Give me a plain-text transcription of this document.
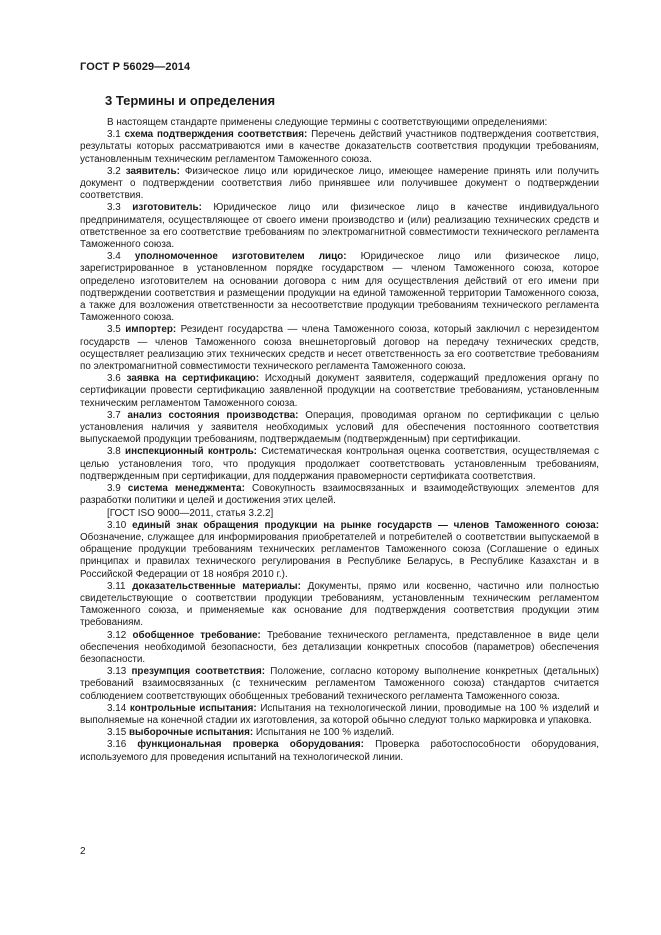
ГОСТ Р 56029—2014
3 Термины и определения

В настоящем стандарте применены следующие термины с соответствующими определениями:

3.1 схема подтверждения соответствия: Перечень действий участников подтверждения соответствия, результаты которых рассматриваются ими в качестве доказательств соответствия продукции требованиям, установленным техническим регламентом Таможенного союза.

3.2 заявитель: Физическое лицо или юридическое лицо, имеющее намерение принять или получить документ о подтверждении соответствия либо принявшее или получившее документ о подтверждении соответствия.

3.3 изготовитель: Юридическое лицо или физическое лицо в качестве индивидуального предпринимателя, осуществляющее от своего имени производство и (или) реализацию технических средств и ответственное за его соответствие требованиям по электромагнитной совместимости технического регламента Таможенного союза.

3.4 уполномоченное изготовителем лицо: Юридическое лицо или физическое лицо, зарегистрированное в установленном порядке государством — членом Таможенного союза, которое определено изготовителем на основании договора с ним для осуществления действий от его имени при подтверждении соответствия и размещении продукции на единой таможенной территории Таможенного союза, а также для возложения ответственности за несоответствие продукции требованиям технического регламента Таможенного союза.

3.5 импортер: Резидент государства — члена Таможенного союза, который заключил с нерезидентом государств — членов Таможенного союза внешнеторговый договор на передачу технических средств, осуществляет реализацию этих технических средств и несет ответственность за его соответствие требованиям по электромагнитной совместимости технического регламента Таможенного союза.

3.6 заявка на сертификацию: Исходный документ заявителя, содержащий предложения органу по сертификации провести сертификацию заявленной продукции на соответствие требованиям, установленным техническим регламентом Таможенного союза.

3.7 анализ состояния производства: Операция, проводимая органом по сертификации с целью установления наличия у заявителя необходимых условий для обеспечения постоянного соответствия выпускаемой продукции требованиям, подтверждаемым (подтвержденным) при сертификации.

3.8 инспекционный контроль: Систематическая контрольная оценка соответствия, осуществляемая с целью установления того, что продукция продолжает соответствовать установленным требованиям, подтвержденным при сертификации, для поддержания правомерности сертификата соответствия.

3.9 система менеджмента: Совокупность взаимосвязанных и взаимодействующих элементов для разработки политики и целей и достижения этих целей.

[ГОСТ ISO 9000—2011, статья 3.2.2]

3.10 единый знак обращения продукции на рынке государств — членов Таможенного союза: Обозначение, служащее для информирования приобретателей и потребителей о соответствии выпускаемой в обращение продукции требованиям технических регламентов Таможенного союза (Соглашение о единых принципах и правилах технического регулирования в Республике Беларусь, в Республике Казахстан и в Российской Федерации от 18 ноября 2010 г.).

3.11 доказательственные материалы: Документы, прямо или косвенно, частично или полностью свидетельствующие о соответствии продукции требованиям, установленным техническим регламентом Таможенного союза, и применяемые как основание для подтверждения соответствия продукции этим требованиям.

3.12 обобщенное требование: Требование технического регламента, представленное в виде цели обеспечения необходимой безопасности, без детализации конкретных способов (параметров) обеспечения безопасности.

3.13 презумпция соответствия: Положение, согласно которому выполнение конкретных (детальных) требований взаимосвязанных (с техническим регламентом Таможенного союза) стандартов считается соблюдением соответствующих обобщенных требований технического регламента Таможенного союза.

3.14 контрольные испытания: Испытания на технологической линии, проводимые на 100 % изделий и выполняемые на конечной стадии их изготовления, за которой обычно следуют только маркировка и упаковка.

3.15 выборочные испытания: Испытания не 100 % изделий.

3.16 функциональная проверка оборудования: Проверка работоспособности оборудования, используемого для проведения испытаний на технологической линии.

2
